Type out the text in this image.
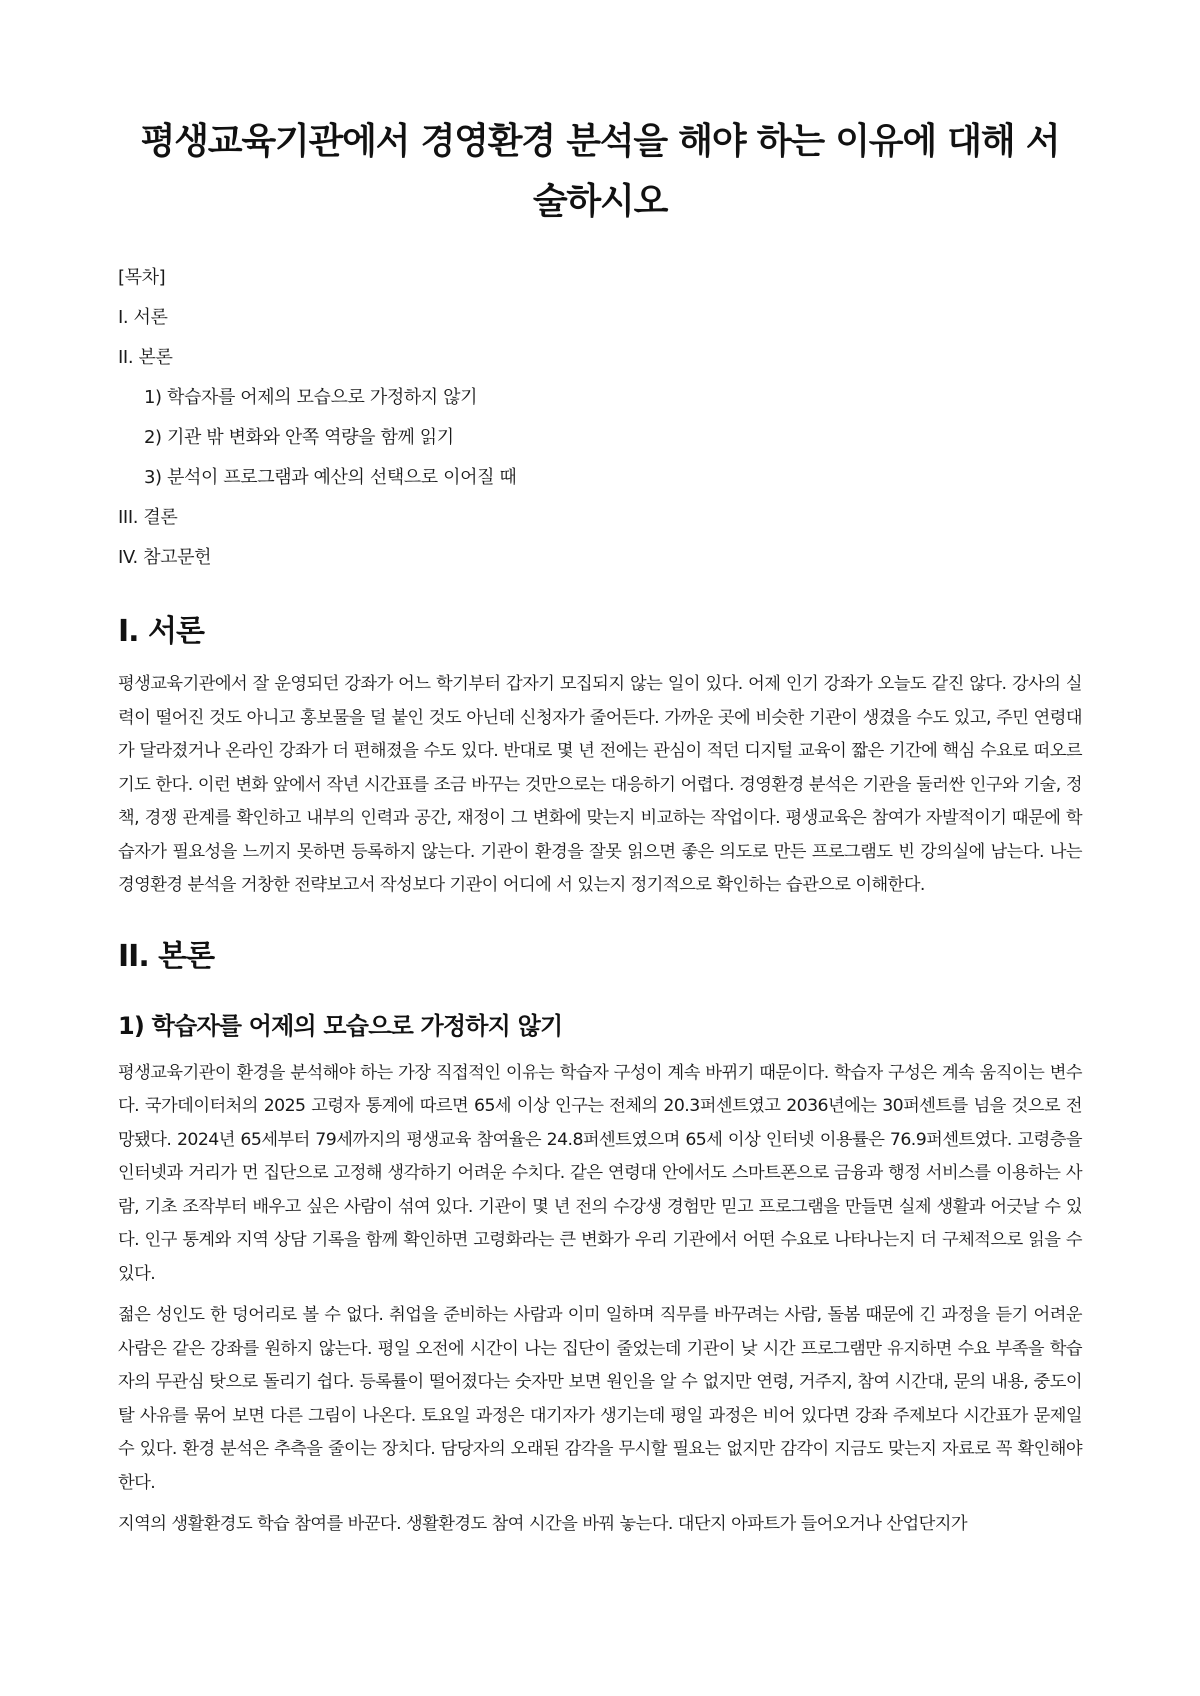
평생교육기관에서 경영환경 분석을 해야 하는 이유에 대해 서술하시오
[목차]
I. 서론
II. 본론
1) 학습자를 어제의 모습으로 가정하지 않기
2) 기관 밖 변화와 안쪽 역량을 함께 읽기
3) 분석이 프로그램과 예산의 선택으로 이어질 때
III. 결론
IV. 참고문헌
I. 서론

평생교육기관에서 잘 운영되던 강좌가 어느 학기부터 갑자기 모집되지 않는 일이 있다. 어제 인기 강좌가 오늘도 같진 않다. 강사의 실력이 떨어진 것도 아니고 홍보물을 덜 붙인 것도 아닌데 신청자가 줄어든다. 가까운 곳에 비슷한 기관이 생겼을 수도 있고, 주민 연령대가 달라졌거나 온라인 강좌가 더 편해졌을 수도 있다. 반대로 몇 년 전에는 관심이 적던 디지털 교육이 짧은 기간에 핵심 수요로 떠오르기도 한다. 이런 변화 앞에서 작년 시간표를 조금 바꾸는 것만으로는 대응하기 어렵다. 경영환경 분석은 기관을 둘러싼 인구와 기술, 정책, 경쟁 관계를 확인하고 내부의 인력과 공간, 재정이 그 변화에 맞는지 비교하는 작업이다. 평생교육은 참여가 자발적이기 때문에 학습자가 필요성을 느끼지 못하면 등록하지 않는다. 기관이 환경을 잘못 읽으면 좋은 의도로 만든 프로그램도 빈 강의실에 남는다. 나는 경영환경 분석을 거창한 전략보고서 작성보다 기관이 어디에 서 있는지 정기적으로 확인하는 습관으로 이해한다.

II. 본론
1) 학습자를 어제의 모습으로 가정하지 않기

평생교육기관이 환경을 분석해야 하는 가장 직접적인 이유는 학습자 구성이 계속 바뀌기 때문이다. 학습자 구성은 계속 움직이는 변수다. 국가데이터처의 2025 고령자 통계에 따르면 65세 이상 인구는 전체의 20.3퍼센트였고 2036년에는 30퍼센트를 넘을 것으로 전망됐다. 2024년 65세부터 79세까지의 평생교육 참여율은 24.8퍼센트였으며 65세 이상 인터넷 이용률은 76.9퍼센트였다. 고령층을 인터넷과 거리가 먼 집단으로 고정해 생각하기 어려운 수치다. 같은 연령대 안에서도 스마트폰으로 금융과 행정 서비스를 이용하는 사람, 기초 조작부터 배우고 싶은 사람이 섞여 있다. 기관이 몇 년 전의 수강생 경험만 믿고 프로그램을 만들면 실제 생활과 어긋날 수 있다. 인구 통계와 지역 상담 기록을 함께 확인하면 고령화라는 큰 변화가 우리 기관에서 어떤 수요로 나타나는지 더 구체적으로 읽을 수 있다.

젊은 성인도 한 덩어리로 볼 수 없다. 취업을 준비하는 사람과 이미 일하며 직무를 바꾸려는 사람, 돌봄 때문에 긴 과정을 듣기 어려운 사람은 같은 강좌를 원하지 않는다. 평일 오전에 시간이 나는 집단이 줄었는데 기관이 낮 시간 프로그램만 유지하면 수요 부족을 학습자의 무관심 탓으로 돌리기 쉽다. 등록률이 떨어졌다는 숫자만 보면 원인을 알 수 없지만 연령, 거주지, 참여 시간대, 문의 내용, 중도이탈 사유를 묶어 보면 다른 그림이 나온다. 토요일 과정은 대기자가 생기는데 평일 과정은 비어 있다면 강좌 주제보다 시간표가 문제일 수 있다. 환경 분석은 추측을 줄이는 장치다. 담당자의 오래된 감각을 무시할 필요는 없지만 감각이 지금도 맞는지 자료로 꼭 확인해야 한다.

지역의 생활환경도 학습 참여를 바꾼다. 생활환경도 참여 시간을 바꿔 놓는다. 대단지 아파트가 들어오거나 산업단지가
